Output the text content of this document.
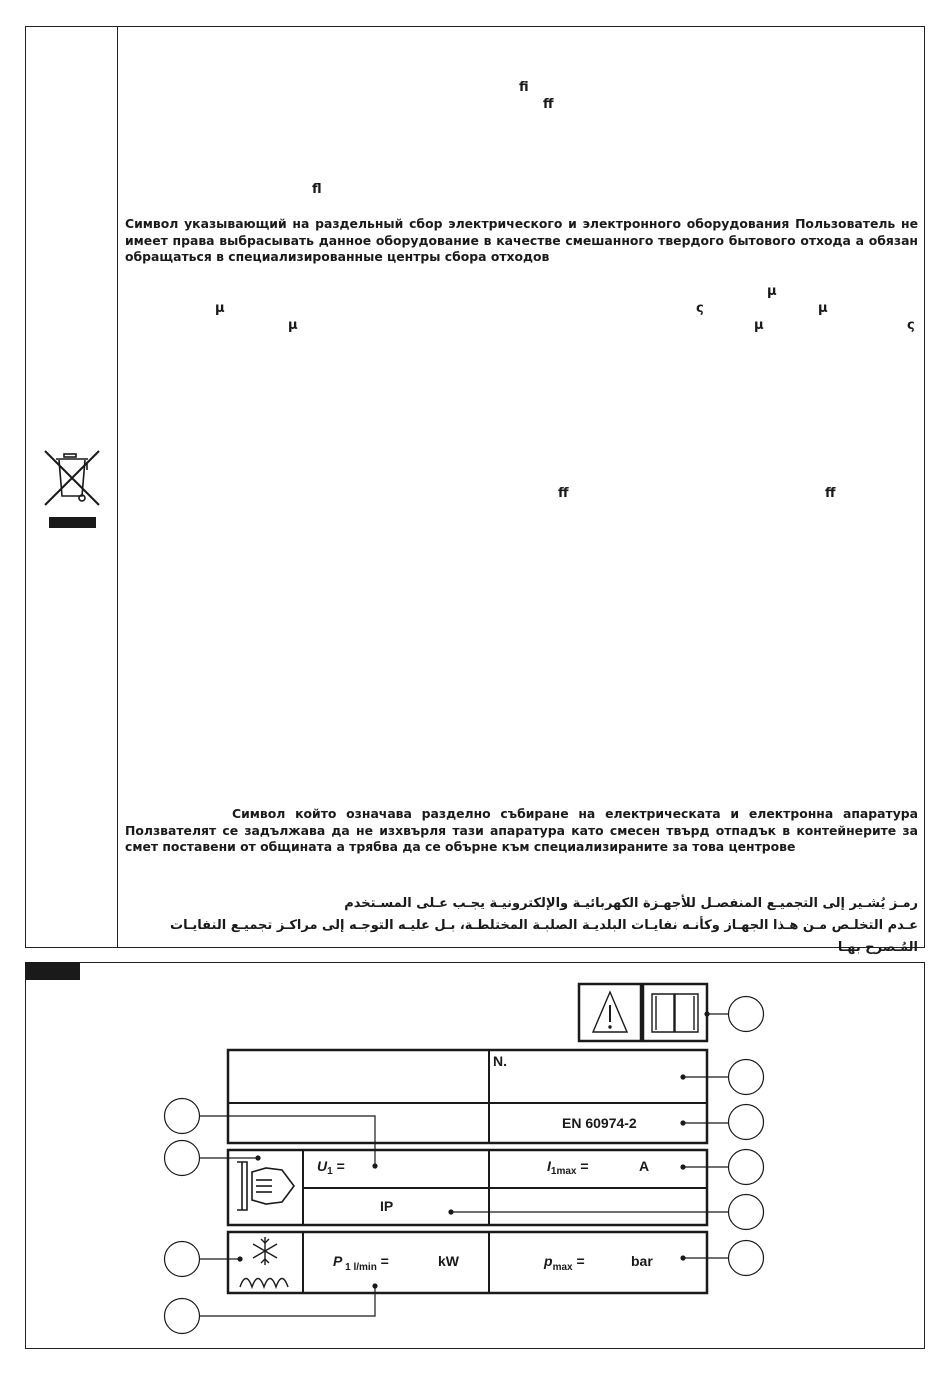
ﬁ
ﬀ
ﬂ
µ
µ	ς	µ
µ	µ	ς
ﬀ	ﬀ
Символ указывающий на раздельный сбор электрического и электронного оборудования Пользователь не имеет права выбрасывать данное оборудование в качестве смешанного твердого бытового отхода а обязан обращаться в специализированные центры сбора отходов
Символ който означава разделно събиране на електрическата и електронна апаратура Ползвателят се задължава да не изхвърля тази апаратура като смесен твърд отпадък в контейнерите за смет поставени от общината а трябва да се обърне към специализираните за това центрове
رمـز يُشـير إلى التجميـع المنفصـل للأجهـزة الكهربائيـة والإلكترونيـة يجـب عـلى المسـتخدم
عـدم التخلـص مـن هـذا الجهـاز وكأنـه نفايـات البلديـة الصلبـة المختلطـة، بـل عليـه التوجـه إلى مراكـز تجميـع النفايـات المُـصرح بهـا
N.
EN 60974-2
$U_1$ =	$I_{1max}$ =	A
IP
P $_{1 l/min}$ =	kW	$p_{max}$ =	bar
